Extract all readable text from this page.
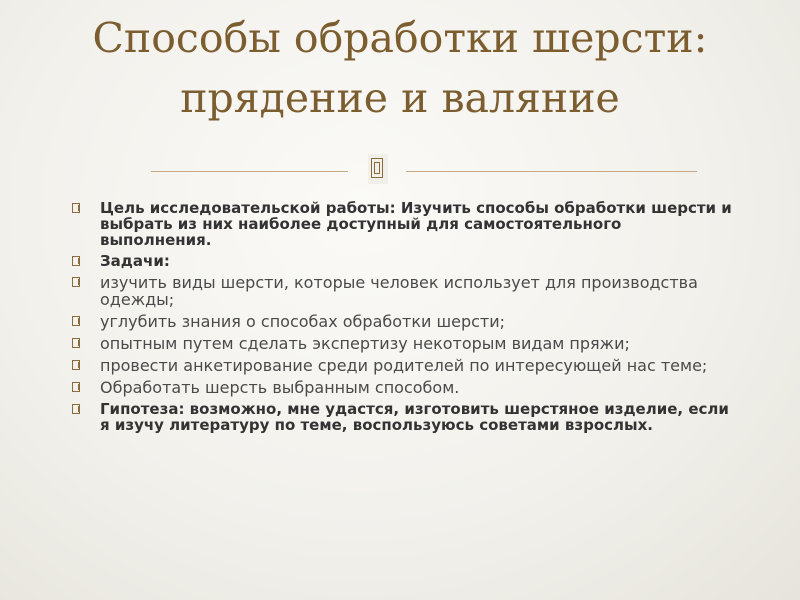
Способы обработки шерсти: прядение и валяние
Цель исследовательской работы: Изучить способы обработки шерсти и выбрать из них наиболее доступный для самостоятельного выполнения.
Задачи:
изучить виды шерсти, которые человек использует для производства одежды;
углубить знания о способах обработки шерсти;
опытным путем сделать экспертизу некоторым видам пряжи;
провести анкетирование среди родителей по интересующей нас теме;
Обработать шерсть выбранным способом.
Гипотеза: возможно, мне удастся, изготовить шерстяное изделие, если я изучу литературу по теме, воспользуюсь советами взрослых.
